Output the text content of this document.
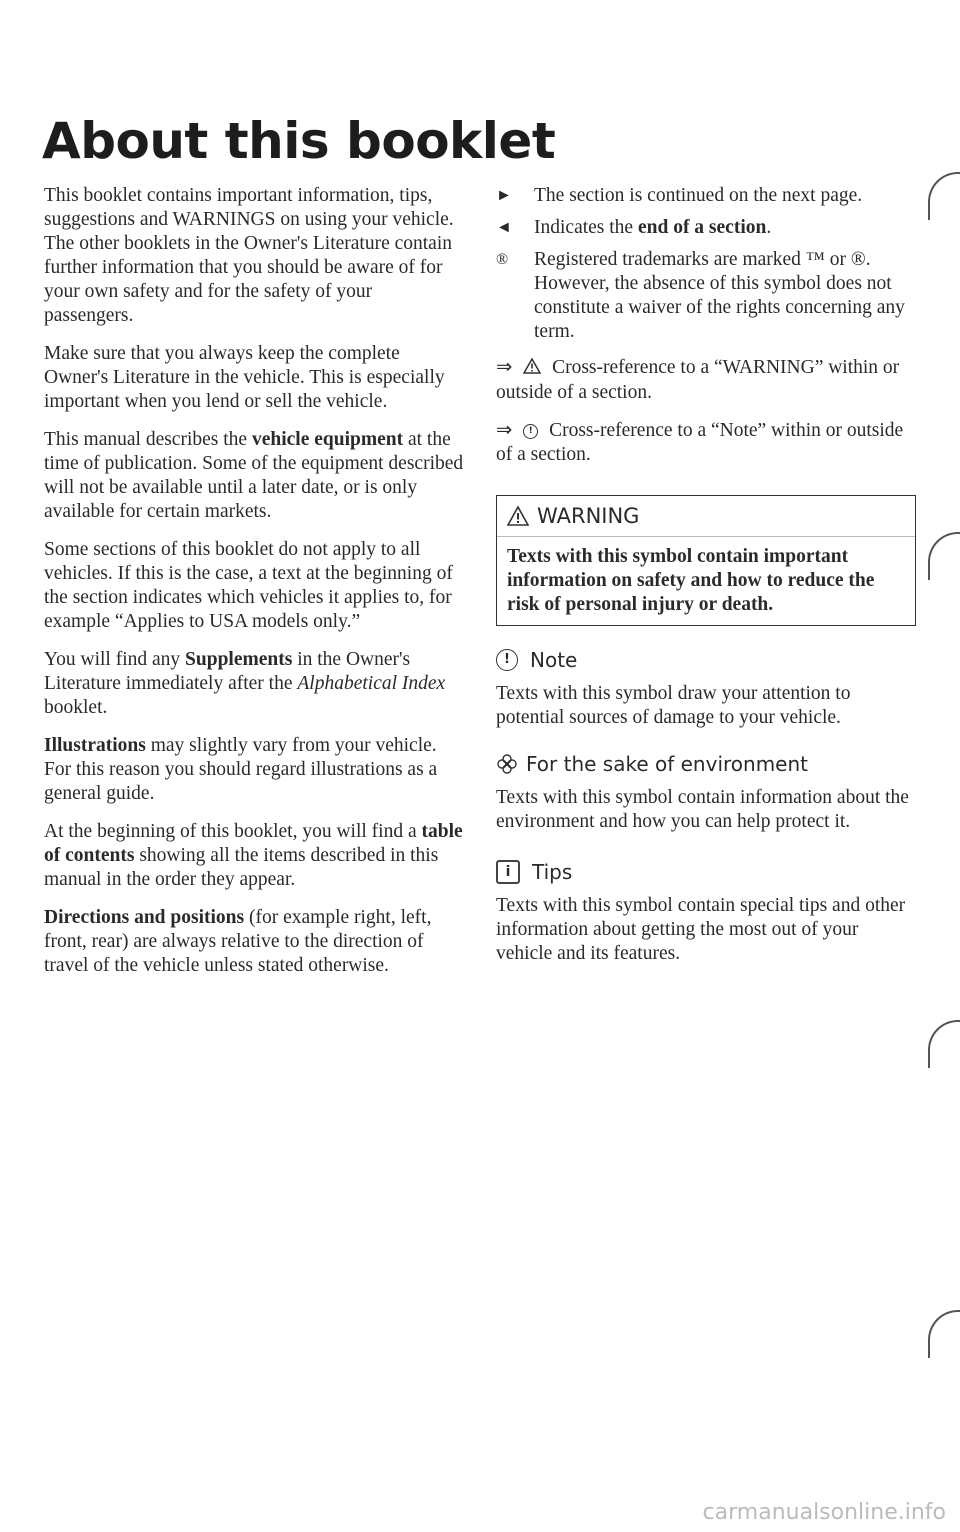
About this booklet

This booklet contains important information, tips, suggestions and WARNINGS on using your vehicle. The other booklets in the Owner's Literature contain further information that you should be aware of for your own safety and for the safety of your passengers.

Make sure that you always keep the complete Owner's Literature in the vehicle. This is especially important when you lend or sell the vehicle.

This manual describes the vehicle equipment at the time of publication. Some of the equipment described will not be available until a later date, or is only available for certain markets.

Some sections of this booklet do not apply to all vehicles. If this is the case, a text at the beginning of the section indicates which vehicles it applies to, for example “Applies to USA models only.”

You will find any Supplements in the Owner's Literature immediately after the Alphabetical Index booklet.

Illustrations may slightly vary from your vehicle. For this reason you should regard illustrations as a general guide.

At the beginning of this booklet, you will find a table of contents showing all the items described in this manual in the order they appear.

Directions and positions (for example right, left, front, rear) are always relative to the direction of travel of the vehicle unless stated otherwise.

►	The section is continued on the next page.
◄	Indicates the end of a section.
®	Registered trademarks are marked ™ or ®. However, the absence of this symbol does not constitute a waiver of the rights concerning any term.

⇒ Cross-reference to a “WARNING” within or outside of a section.

⇒ ! Cross-reference to a “Note” within or outside of a section.

WARNING
Texts with this symbol contain important information on safety and how to reduce the risk of personal injury or death.
!	Note

Texts with this symbol draw your attention to potential sources of damage to your vehicle.

For the sake of environment

Texts with this symbol contain information about the environment and how you can help protect it.

i	Tips

Texts with this symbol contain special tips and other information about getting the most out of your vehicle and its features.

carmanualsonline.info
